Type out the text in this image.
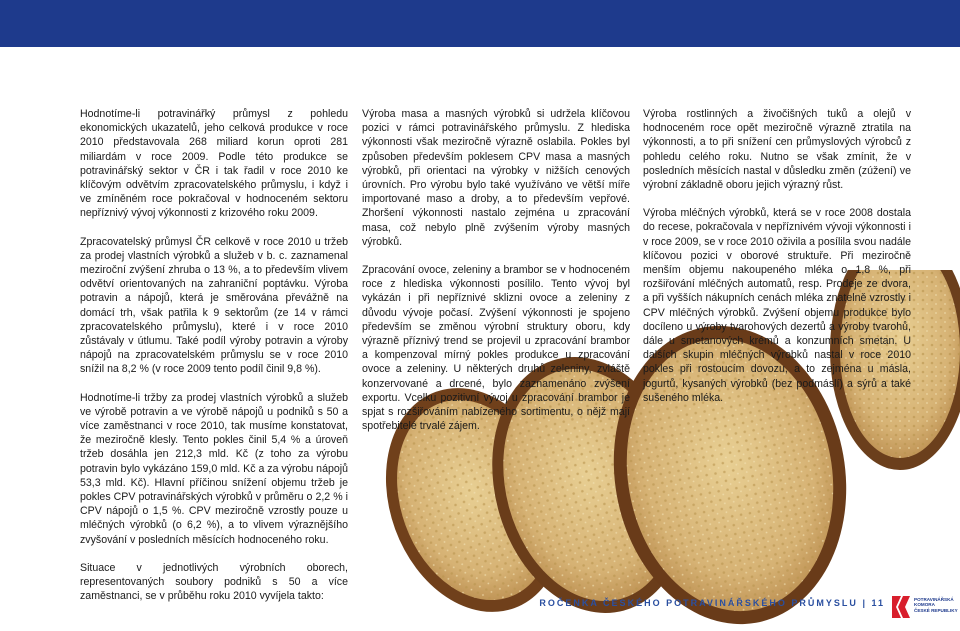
Hodnotíme-li potravinářký průmysl z pohledu ekonomických ukazatelů, jeho celková produkce v roce 2010 představovala 268 miliard korun oproti 281 miliardám v roce 2009. Podle této produkce se potravinářský sektor v ČR i tak řadil v roce 2010 ke klíčovým odvětvím zpracovatelského průmyslu, i když i ve zmíněném roce pokračoval v hodnoceném sektoru nepříznivý vývoj výkonnosti z krizového roku 2009.

Zpracovatelský průmysl ČR celkově v roce 2010 u tržeb za prodej vlastních výrobků a služeb v b. c. zaznamenal meziroční zvýšení zhruba o 13 %, a to především vlivem odvětví orientovaných na zahraniční poptávku. Výroba potravin a nápojů, která je směrována převážně na domácí trh, však patřila k 9 sektorům (ze 14 v rámci zpracovatelského průmyslu), které i v roce 2010 zůstávaly v útlumu. Také podíl výroby potravin a výroby nápojů na zpracovatelském průmyslu se v roce 2010 snížil na 8,2 % (v roce 2009 tento podíl činil 9,8 %).

Hodnotíme-li tržby za prodej vlastních výrobků a služeb ve výrobě potravin a ve výrobě nápojů u podniků s 50 a více zaměstnanci v roce 2010, tak musíme konstatovat, že meziročně klesly. Tento pokles činil 5,4 % a úroveň tržeb dosáhla jen 212,3 mld. Kč (z toho za výrobu potravin bylo vykázáno 159,0 mld. Kč a za výrobu nápojů 53,3 mld. Kč). Hlavní příčinou snížení objemu tržeb je pokles CPV potravinářských výrobků v průměru o 2,2 % i CPV nápojů o 1,5 %. CPV meziročně vzrostly pouze u mléčných výrobků (o 6,2 %), a to vlivem výraznějšího zvyšování v posledních měsících hodnoceného roku.

Situace v jednotlivých výrobních oborech, representovaných soubory podniků s 50 a více zaměstnanci, se v průběhu roku 2010 vyvíjela takto:

Výroba masa a masných výrobků si udržela klíčovou pozici v rámci potravinářského průmyslu. Z hlediska výkonnosti však meziročně výrazně oslabila. Pokles byl způsoben především poklesem CPV masa a masných výrobků, při orientaci na výrobky v nižších cenových úrovních. Pro výrobu bylo také využíváno ve větší míře importované maso a droby, a to především vepřové. Zhoršení výkonnosti nastalo zejména u zpracování masa, což nebylo plně zvýšením výroby masných výrobků.

Zpracování ovoce, zeleniny a brambor se v hodnoceném roce z hlediska výkonnosti posílilo. Tento vývoj byl vykázán i při nepříznivé sklizni ovoce a zeleniny z důvodu vývoje počasí. Zvýšení výkonnosti je spojeno především se změnou výrobní struktury oboru, kdy výrazně příznivý trend se projevil u zpracování brambor a kompenzoval mírný pokles produkce u zpracování ovoce a zeleniny. U některých druhů zeleniny, zvláště konzervované a drcené, bylo zaznamenáno zvýšení exportu. Vcelku pozitivní vývoj u zpracování brambor je spjat s rozšiřováním nabízeného sortimentu, o nějž mají spotřebitelé trvalé zájem.

Výroba rostlinných a živočišných tuků a olejů v hodnoceném roce opět meziročně výrazně ztratila na výkonnosti, a to při snížení cen průmyslových výrobců z pohledu celého roku. Nutno se však zmínit, že v posledních měsících nastal v důsledku změn (zúžení) ve výrobní základně oboru jejich výrazný růst.

Výroba mléčných výrobků, která se v roce 2008 dostala do recese, pokračovala v nepříznivém vývoji výkonnosti i v roce 2009, se v roce 2010 oživila a posílila svou nadále klíčovou pozici v oborové struktuře. Při meziročně menším objemu nakoupeného mléka o 1,8 %, při rozšiřování mléčných automatů, resp. Prodeje ze dvora, a při vyšších nákupních cenách mléka znatelně vzrostly i CPV mléčných výrobků. Zvýšení objemu produkce bylo docíleno u výroby tvarohových dezertů a výroby tvarohů, dále u smetanových krémů a konzumních smetan. U dalších skupin mléčných výrobků nastal v roce 2010 pokles při rostoucím dovozu, a to zejména u másla, jogurtů, kysaných výrobků (bez podmáslí) a sýrů a také sušeného mléka.

ROČENKA ČESKÉHO POTRAVINÁŘSKÉHO PRŮMYSLU | 11	POTRAVINÁŘSKÁ
KOMORA
ČESKÉ REPUBLIKY
